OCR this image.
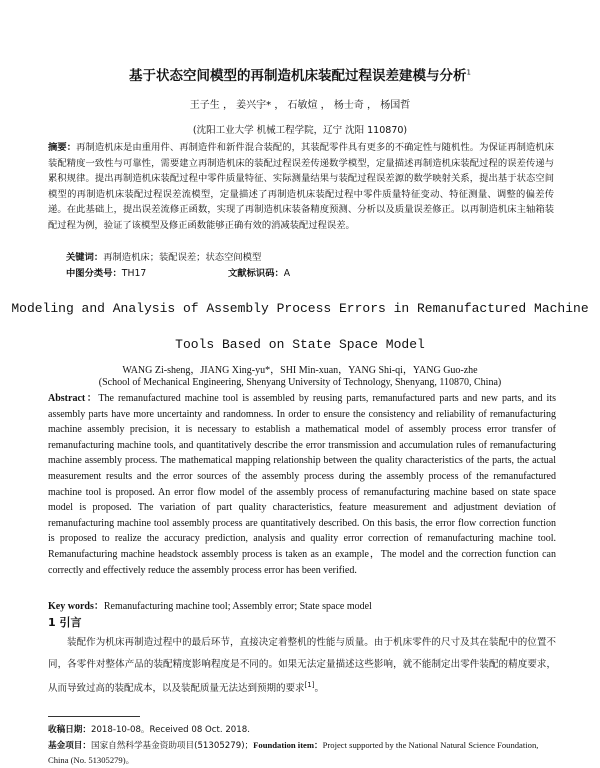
基于状态空间模型的再制造机床装配过程误差建模与分析$^1$
王子生 ， 姜兴宇* ， 石敏煊 ， 杨士奇 ， 杨国哲
(沈阳工业大学 机械工程学院，辽宁 沈阳 110870)
摘要：再制造机床是由重用件、再制造件和新件混合装配的，其装配零件具有更多的不确定性与随机性。为保证再制造机床装配精度一致性与可靠性，需要建立再制造机床的装配过程误差传递数学模型，定量描述再制造机床装配过程的误差传递与累积规律。提出再制造机床装配过程中零件质量特征、实际测量结果与装配过程误差源的数学映射关系，提出基于状态空间模型的再制造机床装配过程误差流模型，定量描述了再制造机床装配过程中零件质量特征变动、特征测量、调整的偏差传递。在此基础上，提出误差流修正函数，实现了再制造机床装备精度预测、分析以及质量误差修正。以再制造机床主轴箱装配过程为例，验证了该模型及修正函数能够正确有效的消减装配过程误差。
关键词：再制造机床；装配误差；状态空间模型
中图分类号：TH17	文献标识码：A
Modeling and Analysis of Assembly Process Errors in Remanufactured Machine
Tools Based on State Space Model
WANG Zi-sheng，JIANG Xing-yu*，SHI Min-xuan，YANG Shi-qi，YANG Guo-zhe
(School of Mechanical Engineering, Shenyang University of Technology, Shenyang, 110870, China)
Abstract：The remanufactured machine tool is assembled by reusing parts, remanufactured parts and new parts, and its assembly parts have more uncertainty and randomness. In order to ensure the consistency and reliability of remanufacturing machine assembly precision, it is necessary to establish a mathematical model of assembly process error transfer of remanufacturing machine tools, and quantitatively describe the error transmission and accumulation rules of remanufacturing machine assembly process. The mathematical mapping relationship between the quality characteristics of the parts, the actual measurement results and the error sources of the assembly process during the assembly process of the remanufactured machine tool is proposed. An error flow model of the assembly process of remanufacturing machine based on state space model is proposed. The variation of part quality characteristics, feature measurement and adjustment deviation of remanufacturing machine tool assembly process are quantitatively described. On this basis, the error flow correction function is proposed to realize the accuracy prediction, analysis and quality error correction of remanufacturing machine tool. Remanufacturing machine headstock assembly process is taken as an example，The model and the correction function can correctly and effectively reduce the assembly process error has been verified.
Key words：Remanufacturing machine tool; Assembly error; State space model
1 引言
装配作为机床再制造过程中的最后环节，直接决定着整机的性能与质量。由于机床零件的尺寸及其在装配中的位置不同，各零件对整体产品的装配精度影响程度是不同的。如果无法定量描述这些影响，就不能制定出零件装配的精度要求，从而导致过高的装配成本，以及装配质量无法达到预期的要求[1]。
收稿日期：2018-10-08。Received 08 Oct. 2018.
基金项目：国家自然科学基金资助项目(51305279)；Foundation item：Project supported by the National Natural Science Foundation, China (No. 51305279)。
